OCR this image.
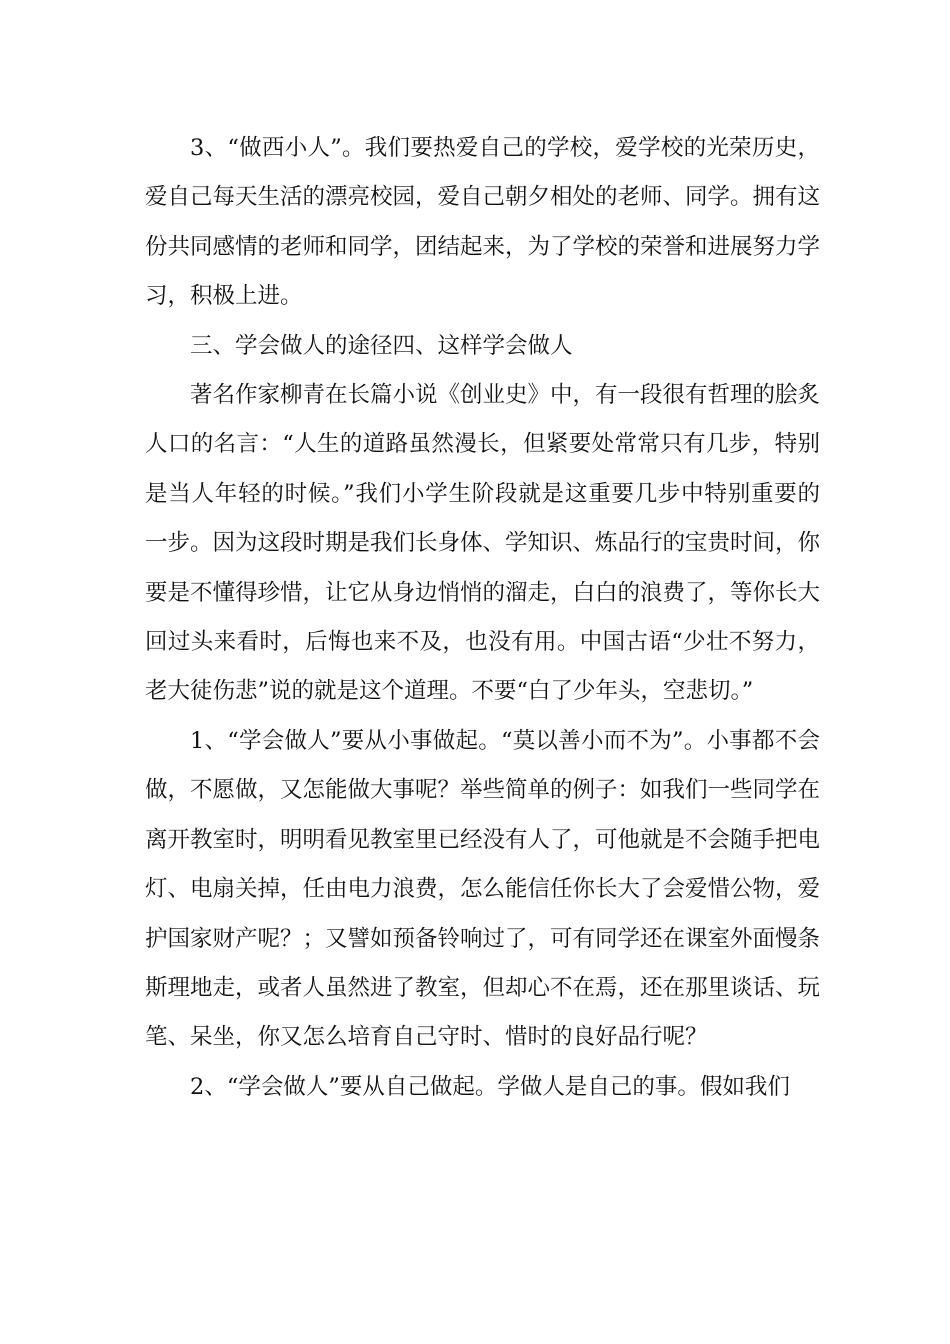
3、“做西小人”。我们要热爱自己的学校，爱学校的光荣历史，爱自己每天生活的漂亮校园，爱自己朝夕相处的老师、同学。拥有这份共同感情的老师和同学，团结起来，为了学校的荣誉和进展努力学习，积极上进。

三、学会做人的途径四、这样学会做人

著名作家柳青在长篇小说《创业史》中，有一段很有哲理的脍炙人口的名言：“人生的道路虽然漫长，但紧要处常常只有几步，特别是当人年轻的时候。”我们小学生阶段就是这重要几步中特别重要的一步。因为这段时期是我们长身体、学知识、炼品行的宝贵时间，你要是不懂得珍惜，让它从身边悄悄的溜走，白白的浪费了，等你长大回过头来看时，后悔也来不及，也没有用。中国古语“少壮不努力，老大徒伤悲”说的就是这个道理。不要“白了少年头，空悲切。”

1、“学会做人”要从小事做起。“莫以善小而不为”。小事都不会做，不愿做，又怎能做大事呢？举些简单的例子：如我们一些同学在离开教室时，明明看见教室里已经没有人了，可他就是不会随手把电灯、电扇关掉，任由电力浪费，怎么能信任你长大了会爱惜公物，爱护国家财产呢？；又譬如预备铃响过了，可有同学还在课室外面慢条斯理地走，或者人虽然进了教室，但却心不在焉，还在那里谈话、玩笔、呆坐，你又怎么培育自己守时、惜时的良好品行呢？

2、“学会做人”要从自己做起。学做人是自己的事。假如我们
